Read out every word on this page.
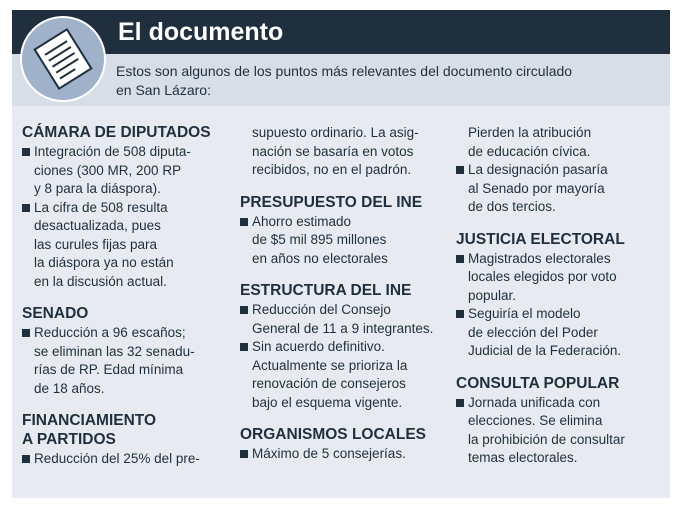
El documento
Estos son algunos de los puntos más relevantes del documento circulado
en San Lázaro:
CÁMARA DE DIPUTADOS
Integración de 508 diputa-
ciones (300 MR, 200 RP
y 8 para la diáspora).
La cifra de 508 resulta
desactualizada, pues
las curules fijas para
la diáspora ya no están
en la discusión actual.
SENADO
Reducción a 96 escaños;
se eliminan las 32 senadu-
rías de RP. Edad mínima
de 18 años.
FINANCIAMIENTO
A PARTIDOS
Reducción del 25% del pre-
supuesto ordinario. La asig-
nación se basaría en votos
recibidos, no en el padrón.
PRESUPUESTO DEL INE
Ahorro estimado
de $5 mil 895 millones
en años no electorales
ESTRUCTURA DEL INE
Reducción del Consejo
General de 11 a 9 integrantes.
Sin acuerdo definitivo.
Actualmente se prioriza la
renovación de consejeros
bajo el esquema vigente.
ORGANISMOS LOCALES
Máximo de 5 consejerías.
Pierden la atribución
de educación cívica.
La designación pasaría
al Senado por mayoría
de dos tercios.
JUSTICIA ELECTORAL
Magistrados electorales
locales elegidos por voto
popular.
Seguiría el modelo
de elección del Poder
Judicial de la Federación.
CONSULTA POPULAR
Jornada unificada con
elecciones. Se elimina
la prohibición de consultar
temas electorales.
